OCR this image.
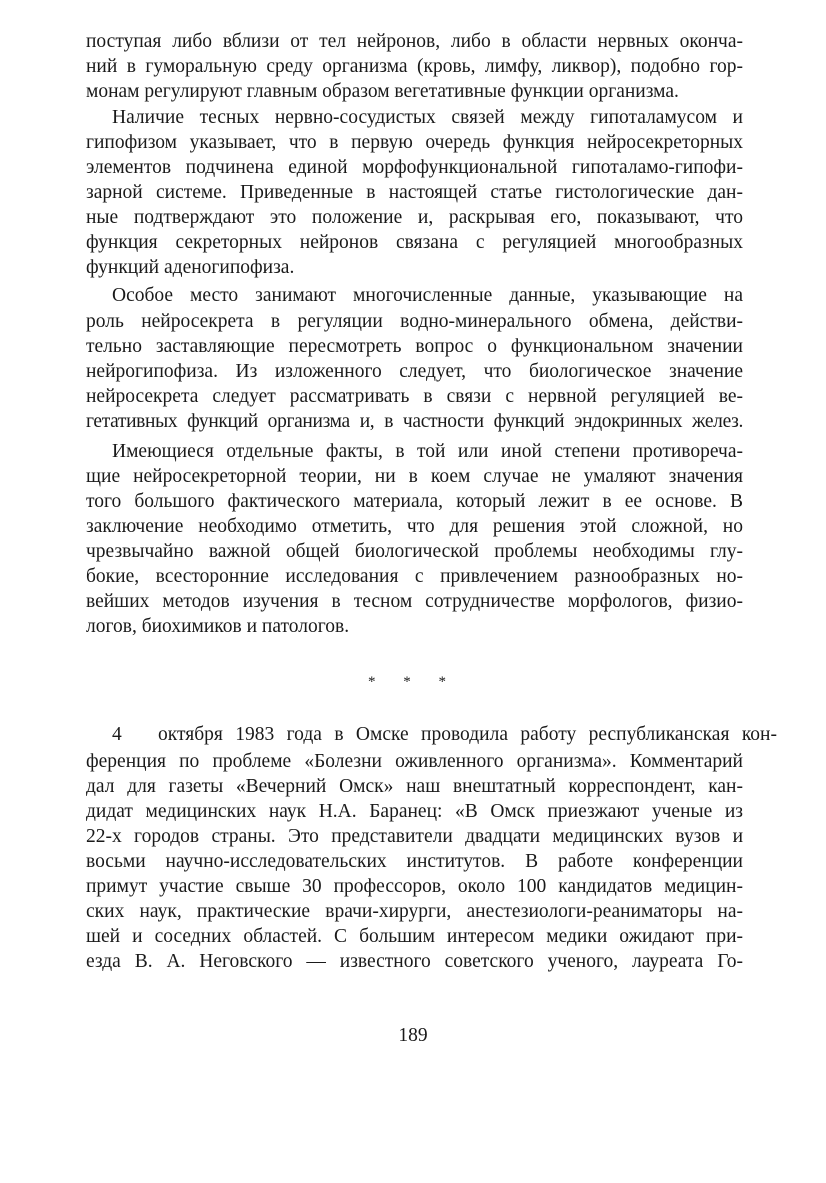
поступая либо вблизи от тел нейронов, либо в области нервных оконча-
ний в гуморальную среду организма (кровь, лимфу, ликвор), подобно гор-
монам регулируют главным образом вегетативные функции организма.
Наличие тесных нервно-сосудистых связей между гипоталамусом и
гипофизом указывает, что в первую очередь функция нейросекреторных
элементов подчинена единой морфофункциональной гипоталамо-гипофи-
зарной системе. Приведенные в настоящей статье гистологические дан-
ные подтверждают это положение и, раскрывая его, показывают, что
функция секреторных нейронов связана с регуляцией многообразных
функций аденогипофиза.
Особое место занимают многочисленные данные, указывающие на
роль нейросекрета в регуляции водно-минерального обмена, действи-
тельно заставляющие пересмотреть вопрос о функциональном значении
нейрогипофиза. Из изложенного следует, что биологическое значение
нейросекрета следует рассматривать в связи с нервной регуляцией ве-
гетативных функций организма и, в частности функций эндокринных желез.
Имеющиеся отдельные факты, в той или иной степени противореча-
щие нейросекреторной теории, ни в коем случае не умаляют значения
того большого фактического материала, который лежит в ее основе. В
заключение необходимо отметить, что для решения этой сложной, но
чрезвычайно важной общей биологической проблемы необходимы глу-
бокие, всесторонние исследования с привлечением разнообразных но-
вейших методов изучения в тесном сотрудничестве морфологов, физио-
логов, биохимиков и патологов.
* * *
4 октября 1983 года в Омске проводила работу республиканская кон-
ференция по проблеме «Болезни оживленного организма». Комментарий
дал для газеты «Вечерний Омск» наш внештатный корреспондент, кан-
дидат медицинских наук Н.А. Баранец: «В Омск приезжают ученые из
22-х городов страны. Это представители двадцати медицинских вузов и
восьми научно-исследовательских институтов. В работе конференции
примут участие свыше 30 профессоров, около 100 кандидатов медицин-
ских наук, практические врачи-хирурги, анестезиологи-реаниматоры на-
шей и соседних областей. С большим интересом медики ожидают при-
езда В. А. Неговского — известного советского ученого, лауреата Го-
189
